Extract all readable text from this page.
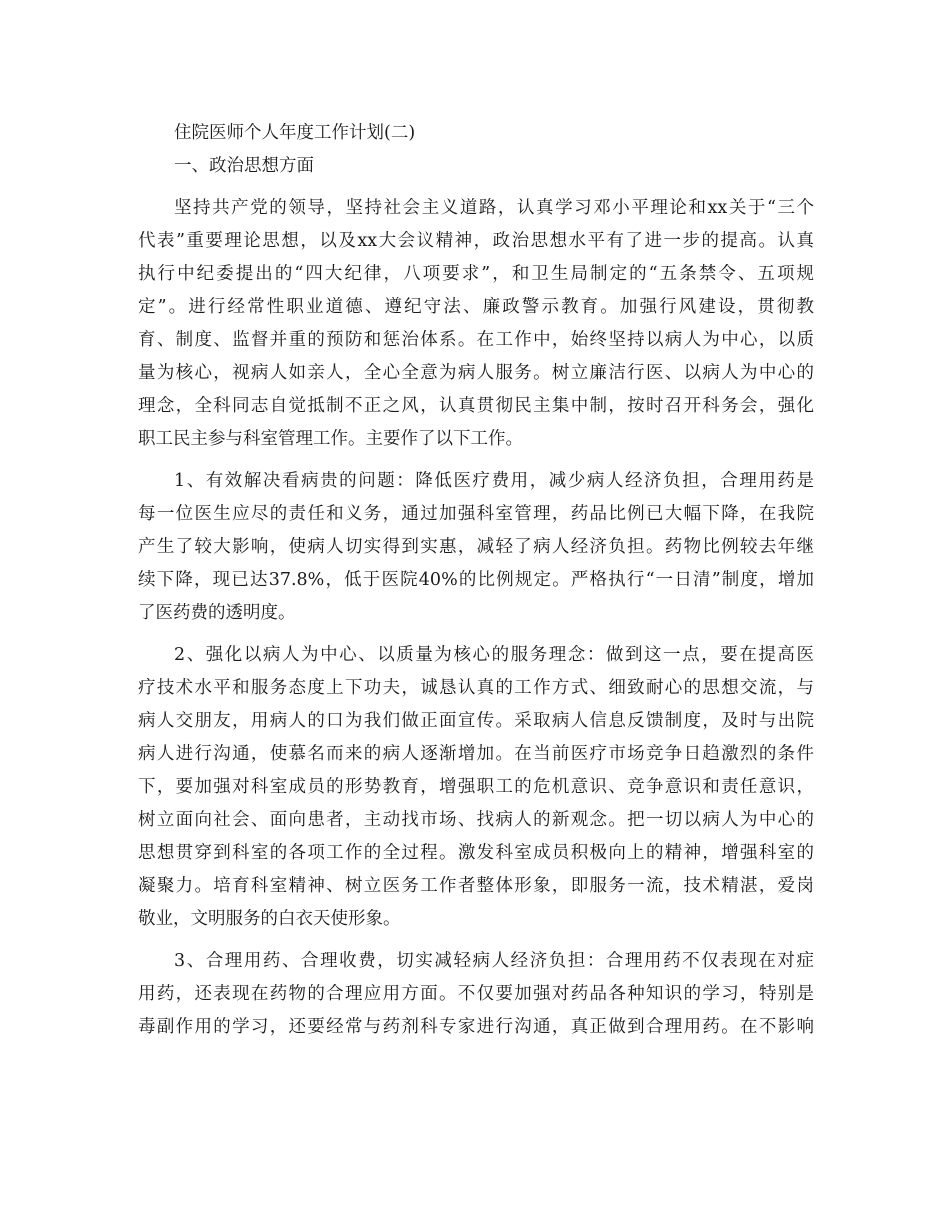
住院医师个人年度工作计划(二)

一、政治思想方面

坚持共产党的领导，坚持社会主义道路，认真学习邓小平理论和xx关于“三个

代表”重要理论思想，以及xx大会议精神，政治思想水平有了进一步的提高。认真

执行中纪委提出的“四大纪律，八项要求”，和卫生局制定的“五条禁令、五项规

定”。进行经常性职业道德、遵纪守法、廉政警示教育。加强行风建设，贯彻教

育、制度、监督并重的预防和惩治体系。在工作中，始终坚持以病人为中心，以质

量为核心，视病人如亲人，全心全意为病人服务。树立廉洁行医、以病人为中心的

理念，全科同志自觉抵制不正之风，认真贯彻民主集中制，按时召开科务会，强化

职工民主参与科室管理工作。主要作了以下工作。

1、有效解决看病贵的问题：降低医疗费用，减少病人经济负担，合理用药是

每一位医生应尽的责任和义务，通过加强科室管理，药品比例已大幅下降，在我院

产生了较大影响，使病人切实得到实惠，减轻了病人经济负担。药物比例较去年继

续下降，现已达37.8%，低于医院40%的比例规定。严格执行“一日清”制度，增加

了医药费的透明度。

2、强化以病人为中心、以质量为核心的服务理念：做到这一点，要在提高医

疗技术水平和服务态度上下功夫，诚恳认真的工作方式、细致耐心的思想交流，与

病人交朋友，用病人的口为我们做正面宣传。采取病人信息反馈制度，及时与出院

病人进行沟通，使慕名而来的病人逐渐增加。在当前医疗市场竞争日趋激烈的条件

下，要加强对科室成员的形势教育，增强职工的危机意识、竞争意识和责任意识，

树立面向社会、面向患者，主动找市场、找病人的新观念。把一切以病人为中心的

思想贯穿到科室的各项工作的全过程。激发科室成员积极向上的精神，增强科室的

凝聚力。培育科室精神、树立医务工作者整体形象，即服务一流，技术精湛，爱岗

敬业，文明服务的白衣天使形象。

3、合理用药、合理收费，切实减轻病人经济负担：合理用药不仅表现在对症

用药，还表现在药物的合理应用方面。不仅要加强对药品各种知识的学习，特别是

毒副作用的学习，还要经常与药剂科专家进行沟通，真正做到合理用药。在不影响
